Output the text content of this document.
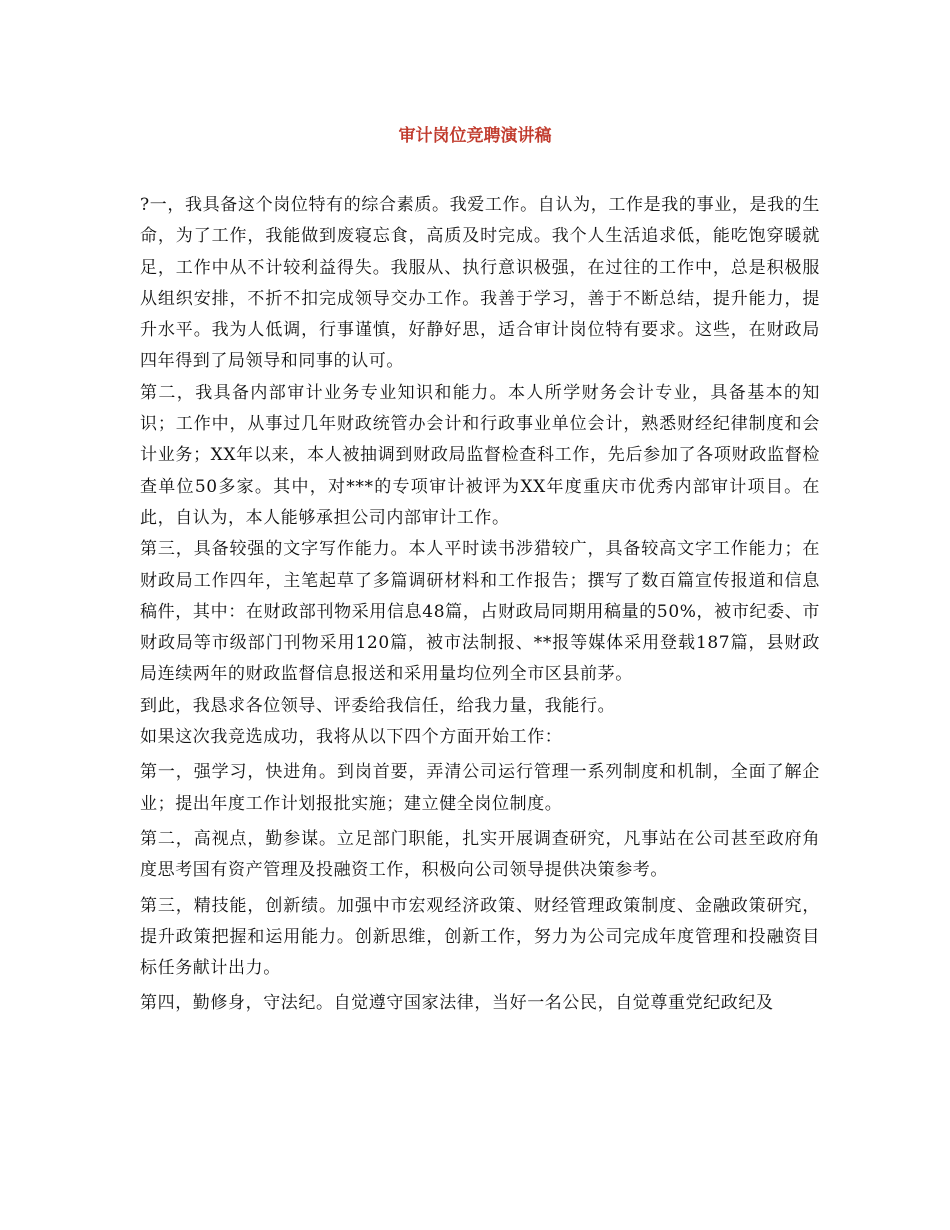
审计岗位竞聘演讲稿

?一，我具备这个岗位特有的综合素质。我爱工作。自认为，工作是我的事业，是我的生命，为了工作，我能做到废寝忘食，高质及时完成。我个人生活追求低，能吃饱穿暖就足，工作中从不计较利益得失。我服从、执行意识极强，在过往的工作中，总是积极服从组织安排，不折不扣完成领导交办工作。我善于学习，善于不断总结，提升能力，提升水平。我为人低调，行事谨慎，好静好思，适合审计岗位特有要求。这些，在财政局四年得到了局领导和同事的认可。

第二，我具备内部审计业务专业知识和能力。本人所学财务会计专业，具备基本的知识；工作中，从事过几年财政统管办会计和行政事业单位会计，熟悉财经纪律制度和会计业务；XX年以来，本人被抽调到财政局监督检查科工作，先后参加了各项财政监督检查单位50多家。其中，对***的专项审计被评为XX年度重庆市优秀内部审计项目。在此，自认为，本人能够承担公司内部审计工作。

第三，具备较强的文字写作能力。本人平时读书涉猎较广，具备较高文字工作能力；在财政局工作四年，主笔起草了多篇调研材料和工作报告；撰写了数百篇宣传报道和信息稿件，其中：在财政部刊物采用信息48篇，占财政局同期用稿量的50%，被市纪委、市财政局等市级部门刊物采用120篇，被市法制报、**报等媒体采用登载187篇，县财政局连续两年的财政监督信息报送和采用量均位列全市区县前茅。

到此，我恳求各位领导、评委给我信任，给我力量，我能行。

如果这次我竞选成功，我将从以下四个方面开始工作：

第一，强学习，快进角。到岗首要，弄清公司运行管理一系列制度和机制，全面了解企业；提出年度工作计划报批实施；建立健全岗位制度。

第二，高视点，勤参谋。立足部门职能，扎实开展调查研究，凡事站在公司甚至政府角度思考国有资产管理及投融资工作，积极向公司领导提供决策参考。

第三，精技能，创新绩。加强中市宏观经济政策、财经管理政策制度、金融政策研究，提升政策把握和运用能力。创新思维，创新工作，努力为公司完成年度管理和投融资目标任务献计出力。

第四，勤修身，守法纪。自觉遵守国家法律，当好一名公民，自觉尊重党纪政纪及
